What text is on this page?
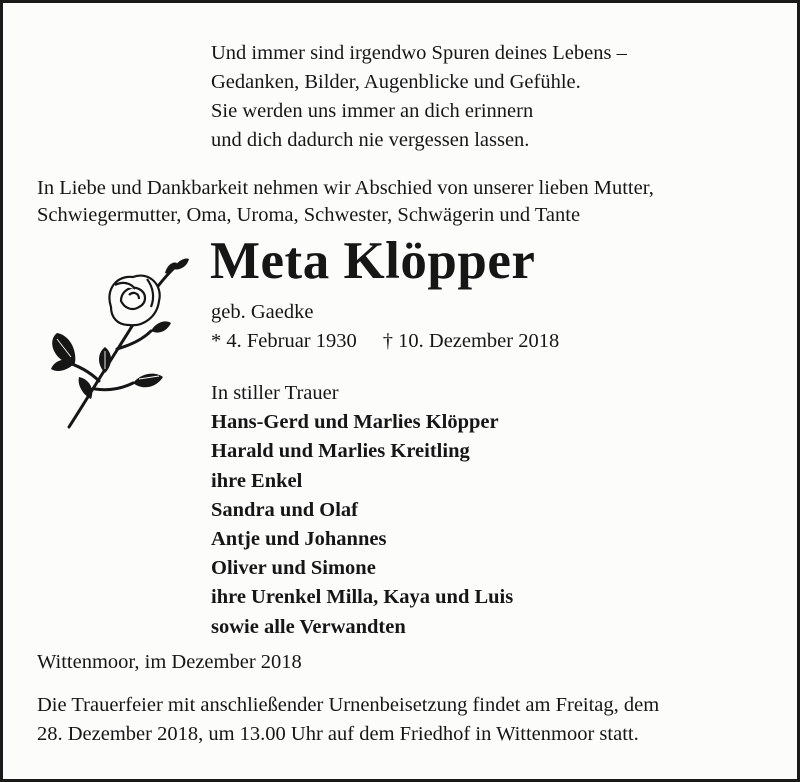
Und immer sind irgendwo Spuren deines Lebens –
Gedanken, Bilder, Augenblicke und Gefühle.
Sie werden uns immer an dich erinnern
und dich dadurch nie vergessen lassen.
In Liebe und Dankbarkeit nehmen wir Abschied von unserer lieben Mutter,
Schwiegermutter, Oma, Uroma, Schwester, Schwägerin und Tante
Meta Klöpper
geb. Gaedke
* 4. Februar 1930 † 10. Dezember 2018
In stiller Trauer
Hans-Gerd und Marlies Klöpper
Harald und Marlies Kreitling
ihre Enkel
Sandra und Olaf
Antje und Johannes
Oliver und Simone
ihre Urenkel Milla, Kaya und Luis
sowie alle Verwandten
Wittenmoor, im Dezember 2018
Die Trauerfeier mit anschließender Urnenbeisetzung findet am Freitag, dem
28. Dezember 2018, um 13.00 Uhr auf dem Friedhof in Wittenmoor statt.
